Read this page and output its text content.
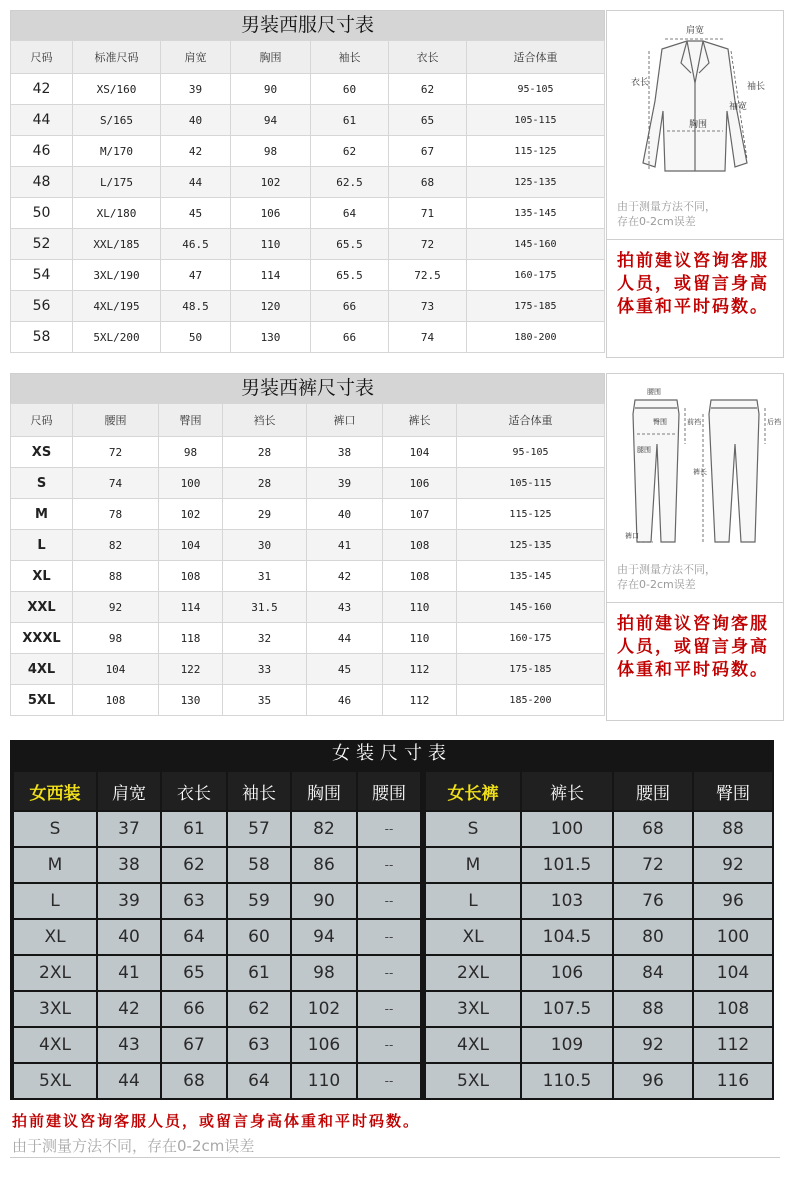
男装西服尺寸表
尺码	标准尺码	肩宽	胸围	袖长	衣长	适合体重
42	XS/160	39	90	60	62	95-105
44	S/165	40	94	61	65	105-115
46	M/170	42	98	62	67	115-125
48	L/175	44	102	62.5	68	125-135
50	XL/180	45	106	64	71	135-145
52	XXL/185	46.5	110	65.5	72	145-160
54	3XL/190	47	114	65.5	72.5	160-175
56	4XL/195	48.5	120	66	73	175-185
58	5XL/200	50	130	66	74	180-200
肩宽
衣长	袖长
袖宽
胸围
由于测量方法不同，
存在0-2cm误差
拍前建议咨询客服人员，或留言身高体重和平时码数。
男装西裤尺寸表
尺码	腰围	臀围	裆长	裤口	裤长	适合体重
XS	72	98	28	38	104	95-105
S	74	100	28	39	106	105-115
M	78	102	29	40	107	115-125
L	82	104	30	41	108	125-135
XL	88	108	31	42	108	135-145
XXL	92	114	31.5	43	110	145-160
XXXL	98	118	32	44	110	160-175
4XL	104	122	33	45	112	175-185
5XL	108	130	35	46	112	185-200
腰围
臀围	前裆	后裆
腿围
裤长
裤口
由于测量方法不同，
存在0-2cm误差
拍前建议咨询客服人员，或留言身高体重和平时码数。
女装尺寸表
女西装	肩宽	衣长	袖长	胸围	腰围
S	37	61	57	82	--
M	38	62	58	86	--
L	39	63	59	90	--
XL	40	64	60	94	--
2XL	41	65	61	98	--
3XL	42	66	62	102	--
4XL	43	67	63	106	--
5XL	44	68	64	110	--
女长裤	裤长	腰围	臀围
S	100	68	88
M	101.5	72	92
L	103	76	96
XL	104.5	80	100
2XL	106	84	104
3XL	107.5	88	108
4XL	109	92	112
5XL	110.5	96	116
拍前建议咨询客服人员，或留言身高体重和平时码数。
由于测量方法不同，存在0-2cm误差
